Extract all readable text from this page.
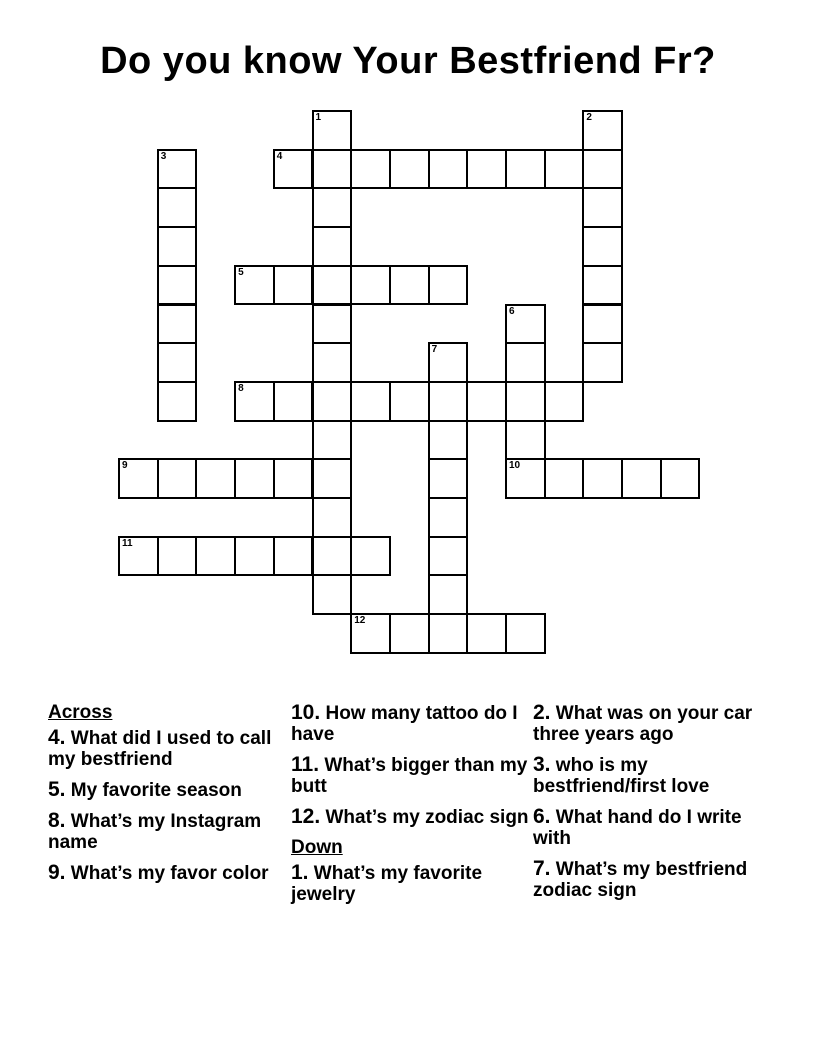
Do you know Your Bestfriend Fr?
1	2
3	4
5
6
10
7
8
9
11
12
Across
4. What did I used to call my bestfriend
5. My favorite season
8. What’s my Instagram name
9. What’s my favor color
10. How many tattoo do I have
11. What’s bigger than my butt
12. What’s my zodiac sign
Down
1. What’s my favorite jewelry
2. What was on your car three years ago
3. who is my bestfriend/first love
6. What hand do I write with
7. What’s my bestfriend zodiac sign
